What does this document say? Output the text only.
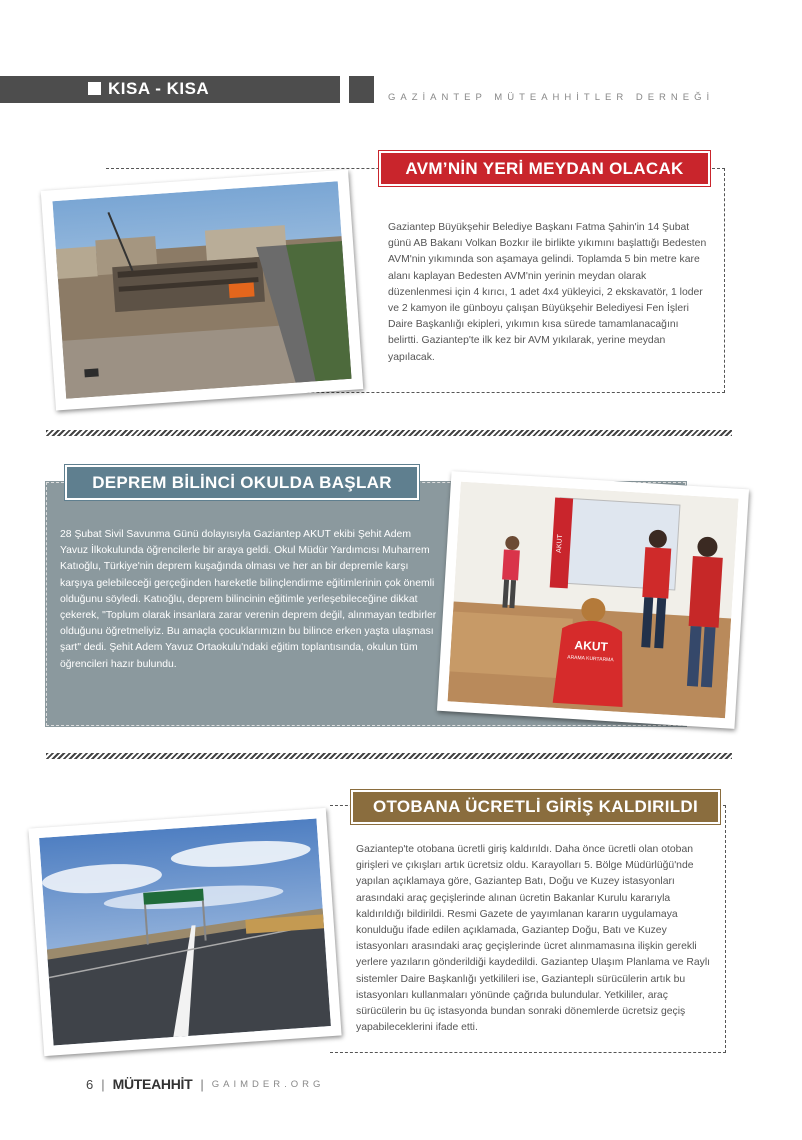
KISA - KISA	GAZİANTEP MÜTEAHHİTLER DERNEĞİ
AVM’NİN YERİ MEYDAN OLACAK
Gaziantep Büyükşehir Belediye Başkanı Fatma Şahin'in 14 Şubat günü AB Bakanı Volkan Bozkır ile birlikte yıkımını başlattığı Bedesten AVM'nin yıkımında son aşamaya gelindi. Toplamda 5 bin metre kare alanı kaplayan Bedesten AVM'nin yerinin meydan olarak düzenlenmesi için 4 kırıcı, 1 adet 4x4 yükleyici, 2 ekskavatör, 1 loder ve 2 kamyon ile günboyu çalışan Büyükşehir Belediyesi Fen İşleri Daire Başkanlığı ekipleri, yıkımın kısa sürede tamamlanacağını belirtti. Gaziantep'te ilk kez bir AVM yıkılarak, yerine meydan yapılacak.
DEPREM BİLİNCİ OKULDA BAŞLAR
28 Şubat Sivil Savunma Günü dolayısıyla Gaziantep AKUT ekibi Şehit Adem Yavuz İlkokulunda öğrencilerle bir araya geldi. Okul Müdür Yardımcısı Muharrem Katıoğlu, Türkiye'nin deprem kuşağında olması ve her an bir depremle karşı karşıya gelebileceği gerçeğinden hareketle bilinçlendirme eğitimlerinin çok önemli olduğunu söyledi. Katıoğlu, deprem bilincinin eğitimle yerleşebileceğine dikkat çekerek, "Toplum olarak insanlara zarar verenin deprem değil, alınmayan tedbirler olduğunu öğretmeliyiz. Bu amaçla çocuklarımızın bu bilince erken yaşta ulaşması şart" dedi. Şehit Adem Yavuz Ortaokulu'ndaki eğitim toplantısında, okulun tüm öğrencileri hazır bulundu.
AKUT
AKUT
ARAMA KURTARMA
OTOBANA ÜCRETLİ GİRİŞ KALDIRILDI
Gaziantep'te otobana ücretli giriş kaldırıldı. Daha önce ücretli olan otoban girişleri ve çıkışları artık ücretsiz oldu. Karayolları 5. Bölge Müdürlüğü'nde yapılan açıklamaya göre, Gaziantep Batı, Doğu ve Kuzey istasyonları arasındaki araç geçişlerinde alınan ücretin Bakanlar Kurulu kararıyla kaldırıldığı bildirildi. Resmi Gazete de yayımlanan kararın uygulamaya konulduğu ifade edilen açıklamada, Gaziantep Doğu, Batı ve Kuzey istasyonları arasındaki araç geçişlerinde ücret alınmamasına ilişkin gerekli yerlere yazıların gönderildiği kaydedildi. Gaziantep Ulaşım Planlama ve Raylı sistemler Daire Başkanlığı yetkilileri ise, Gazianteplı sürücülerin artık bu istasyonları kullanmaları yönünde çağrıda bulundular. Yetkililer, araç sürücülerin bu üç istasyonda bundan sonraki dönemlerde ücretsiz geçiş yapabileceklerini ifade etti.
6 | MÜTEAHHİT | GAIMDER.ORG
